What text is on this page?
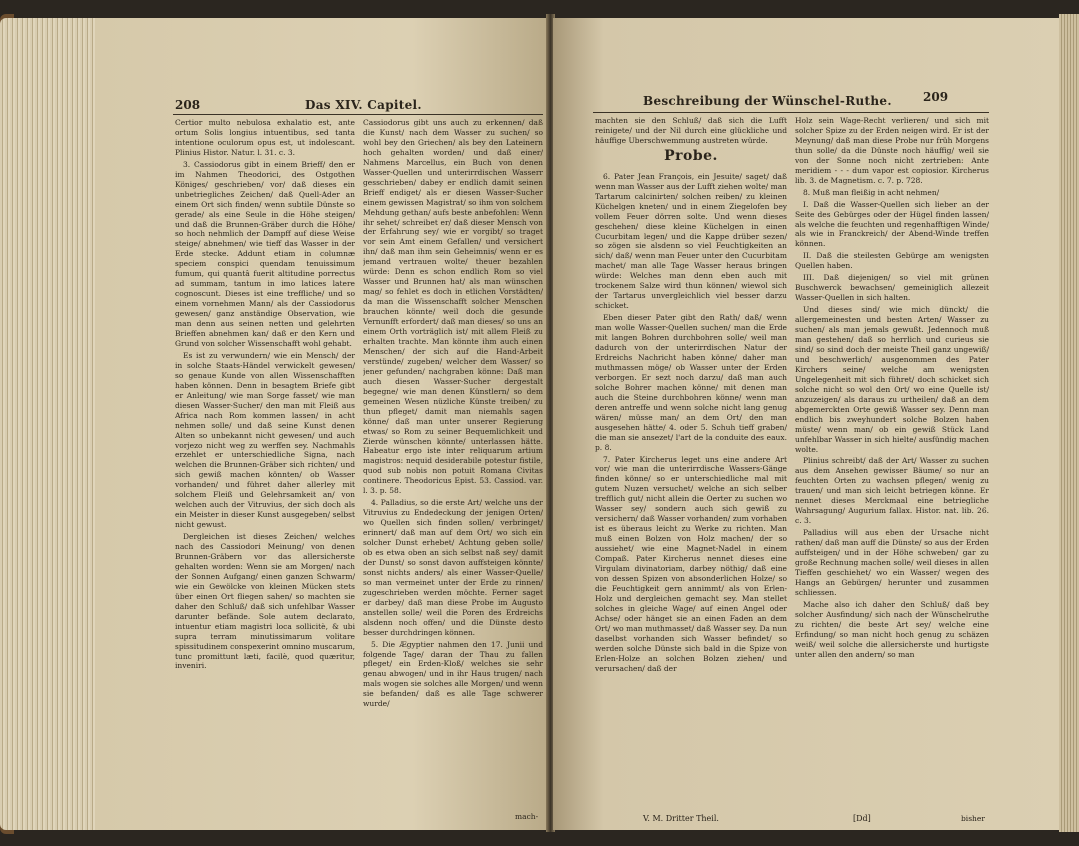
208	Das XIV. Capitel.

Certior multo nebulosa exhalatio est, ante ortum Solis longius intuentibus, sed tanta intentione oculorum opus est, ut indolescant. Plinius Histor. Natur. l. 31. c. 3.

3. Cassiodorus gibt in einem Brieff/ den er im Nahmen Theodorici, des Ostgothen Königes/ geschrieben/ vor/ daß dieses ein unbetriegliches Zeichen/ daß Quell-Ader an einem Ort sich finden/ wenn subtile Dünste so gerade/ als eine Seule in die Höhe steigen/ und daß die Brunnen-Gräber durch die Höhe/ so hoch nehmlich der Dampff auf diese Weise steige/ abnehmen/ wie tieff das Wasser in der Erde stecke. Addunt etiam in columnæ speciem conspici quendam tenuissimum fumum, qui quantâ fuerit altitudine porrectus ad summam, tantum in imo latices latere cognoscunt. Dieses ist eine treffliche/ und so einem vornehmen Mann/ als der Cassiodorus gewesen/ ganz anständige Observation, wie man denn aus seinen netten und gelehrten Brieffen abnehmen kan/ daß er den Kern und Grund von solcher Wissenschafft wohl gehabt.

Es ist zu verwundern/ wie ein Mensch/ der in solche Staats-Händel verwickelt gewesen/ so genaue Kunde von allen Wissenschafften haben können. Denn in besagtem Briefe gibt er Anleitung/ wie man Sorge fasset/ wie man diesen Wasser-Sucher/ den man mit Fleiß aus Africa nach Rom kommen lassen/ in acht nehmen solle/ und daß seine Kunst denen Alten so unbekannt nicht gewesen/ und auch vorjezo nicht weg zu werffen sey. Nachmahls erzehlet er unterschiedliche Signa, nach welchen die Brunnen-Gräber sich richten/ und sich gewiß machen könnten/ ob Wasser vorhanden/ und führet daher allerley mit solchem Fleiß und Gelehrsamkeit an/ von welchen auch der Vitruvius, der sich doch als ein Meister in dieser Kunst ausgegeben/ selbst nicht gewust.

Dergleichen ist dieses Zeichen/ welches nach des Cassiodori Meinung/ von denen Brunnen-Gräbern vor das allersicherste gehalten worden: Wenn sie am Morgen/ nach der Sonnen Aufgang/ einen ganzen Schwarm/ wie ein Gewölcke von kleinen Mücken stets über einen Ort fliegen sahen/ so machten sie daher den Schluß/ daß sich unfehlbar Wasser darunter befände. Sole autem declarato, intuentur etiam magistri loca sollicitè, & ubi supra terram minutissimarum volitare spissitudinem conspexerint omnino muscarum, tunc promittunt læti, facilè, quod quæritur, inveniri.

Cassiodorus gibt uns auch zu erkennen/ daß die Kunst/ nach dem Wasser zu suchen/ so wohl bey den Griechen/ als bey den Lateinern hoch gehalten worden/ und daß einer/ Nahmens Marcellus, ein Buch von denen Wasser-Quellen und unterirrdischen Wasserr gesschrieben/ dabey er endlich damit seinen Brieff endiget/ als er diesen Wasser-Sucher einem gewissen Magistrat/ so ihm von solchem Mehdung gethan/ aufs beste anbefohlen: Wenn ihr sehet/ schreibet er/ daß dieser Mensch von der Erfahrung sey/ wie er vorgibt/ so traget vor sein Amt einem Gefallen/ und versichert ihn/ daß man ihm sein Geheimnis/ wenn er es jemand vertrauen wolte/ theuer bezahlen würde: Denn es schon endlich Rom so viel Wasser und Brunnen hat/ als man wünschen mag/ so fehlet es doch in etlichen Vorstädten/ da man die Wissenschafft solcher Menschen brauchen könnte/ weil doch die gesunde Vernunfft erfordert/ daß man dieses/ so uns an einem Orth vorträglich ist/ mit allem Fleiß zu erhalten trachte. Man könnte ihm auch einen Menschen/ der sich auf die Hand-Arbeit verstünde/ zugeben/ welcher dem Wasser/ so jener gefunden/ nachgraben könne: Daß man auch diesen Wasser-Sucher dergestalt begegne/ wie man denen Künstlern/ so dem gemeinen Wesen nüzliche Künste treiben/ zu thun pfleget/ damit man niemahls sagen könne/ daß man unter unserer Regierung etwas/ so Rom zu seiner Bequemlichkeit und Zierde wünschen könnte/ unterlassen hätte. Habeatur ergo iste inter reliquarum artium magistros: nequid desiderabile potestur fistile, quod sub nobis non potuit Romana Civitas continere. Theodoricus Epist. 53. Cassiod. var. l. 3. p. 58.

4. Palladius, so die erste Art/ welche uns der Vitruvius zu Endedeckung der jenigen Orten/ wo Quellen sich finden sollen/ verbringet/ erinnert/ daß man auf dem Ort/ wo sich ein solcher Dunst erhebet/ Achtung geben solle/ ob es etwa oben an sich selbst naß sey/ damit der Dunst/ so sonst davon auffsteigen könnte/ sonst nichts anders/ als einer Wasser-Quelle/ so man vermeinet unter der Erde zu rinnen/ zugeschrieben werden möchte. Ferner saget er darbey/ daß man diese Probe im Augusto anstellen solle/ weil die Poren des Erdreichs alsdenn noch offen/ und die Dünste desto besser durchdringen können.

5. Die Ægyptier nahmen den 17. Junii und folgende Tage/ daran der Thau zu fallen pfleget/ ein Erden-Kloß/ welches sie sehr genau abwogen/ und in ihr Haus trugen/ nach mals wogen sie solches alle Morgen/ und wenn sie befanden/ daß es alle Tage schwerer wurde/

mach-
Beschreibung der Wünschel-Ruthe.	209

machten sie den Schluß/ daß sich die Lufft reinigete/ und der Nil durch eine glückliche und häuffige Uberschwemmung austreten würde.

Probe.

6. Pater Jean François, ein Jesuite/ saget/ daß wenn man Wasser aus der Lufft ziehen wolte/ man Tartarum calcinirten/ solchen reiben/ zu kleinen Küchelgen kneten/ und in einem Ziegelofen bey vollem Feuer dörren solte. Und wenn dieses geschehen/ diese kleine Küchelgen in einen Cucurbitam legen/ und die Kappe drüber sezen/ so zögen sie alsdenn so viel Feuchtigkeiten an sich/ daß/ wenn man Feuer unter den Cucurbitam machet/ man alle Tage Wasser heraus bringen würde: Welches man denn eben auch mit trockenem Salze wird thun können/ wiewol sich der Tartarus unvergleichlich viel besser darzu schicket.

Eben dieser Pater gibt den Rath/ daß/ wenn man wolle Wasser-Quellen suchen/ man die Erde mit langen Bohren durchbohren solle/ weil man dadurch von der unterirrdischen Natur der Erdreichs Nachricht haben könne/ daher man muthmassen möge/ ob Wasser unter der Erden verborgen. Er sezt noch darzu/ daß man auch solche Bohrer machen könne/ mit denen man auch die Steine durchbohren könne/ wenn man deren antreffe und wenn solche nicht lang genug wären/ müsse man/ an dem Ort/ den man ausgesehen hätte/ 4. oder 5. Schuh tieff graben/ die man sie ansezet/ l'art de la conduite des eaux. p. 8.

7. Pater Kircherus leget uns eine andere Art vor/ wie man die unterirrdische Wassers-Gänge finden könne/ so er unterschiedliche mal mit gutem Nuzen versuchet/ welche an sich selber trefflich gut/ nicht allein die Oerter zu suchen wo Wasser sey/ sondern auch sich gewiß zu versichern/ daß Wasser vorhanden/ zum vorhaben ist es überaus leicht zu Werke zu richten. Man muß einen Bolzen von Holz machen/ der so aussiehet/ wie eine Magnet-Nadel in einem Compaß. Pater Kircherus nennet dieses eine Virgulam divinatoriam, darbey nöthig/ daß eine von dessen Spizen von absonderlichen Holze/ so die Feuchtigkeit gern annimmt/ als von Erlen-Holz und dergleichen gemacht sey. Man stellet solches in gleiche Wage/ auf einen Angel oder Achse/ oder hänget sie an einen Faden an dem Ort/ wo man muthmasset/ daß Wasser sey. Da nun daselbst vorhanden sich Wasser befindet/ so werden solche Dünste sich bald in die Spize von Erlen-Holze an solchen Bolzen ziehen/ und verursachen/ daß der

Holz sein Wage-Recht verlieren/ und sich mit solcher Spize zu der Erden neigen wird. Er ist der Meynung/ daß man diese Probe nur früh Morgens thun solle/ da die Dünste noch häuffig/ weil sie von der Sonne noch nicht zertrieben: Ante meridiem - - - dum vapor est copiosior. Kircherus lib. 3. de Magnetism. c. 7. p. 728.

8. Muß man fleißig in acht nehmen/

I. Daß die Wasser-Quellen sich lieber an der Seite des Gebürges oder der Hügel finden lassen/ als welche die feuchten und regenhafftigen Winde/ als wie in Franckreich/ der Abend-Winde treffen können.

II. Daß die steilesten Gebürge am wenigsten Quellen haben.

III. Daß diejenigen/ so viel mit grünen Buschwerck bewachsen/ gemeiniglich allezeit Wasser-Quellen in sich halten.

Und dieses sind/ wie mich dünckt/ die allergemeinesten und besten Arten/ Wasser zu suchen/ als man jemals gewußt. Jedennoch muß man gestehen/ daß so herrlich und curieus sie sind/ so sind doch der meiste Theil ganz ungewiß/ und beschwerlich/ ausgenommen des Pater Kirchers seine/ welche am wenigsten Ungelegenheit mit sich führet/ doch schicket sich solche nicht so wol den Ort/ wo eine Quelle ist/ anzuzeigen/ als daraus zu urtheilen/ daß an dem abgemerckten Orte gewiß Wasser sey. Denn man endlich bis zweyhundert solche Bolzen haben müste/ wenn man/ ob ein gewiß Stück Land unfehlbar Wasser in sich hielte/ ausfündig machen wolte.

Plinius schreibt/ daß der Art/ Wasser zu suchen aus dem Ansehen gewisser Bäume/ so nur an feuchten Orten zu wachsen pflegen/ wenig zu trauen/ und man sich leicht betriegen könne. Er nennet dieses Merckmaal eine betriegliche Wahrsagung/ Augurium fallax. Histor. nat. lib. 26. c. 3.

Palladius will aus eben der Ursache nicht rathen/ daß man auff die Dünste/ so aus der Erden auffsteigen/ und in der Höhe schweben/ gar zu große Rechnung machen solle/ weil dieses in allen Tieffen geschiehet/ wo ein Wasser/ wegen des Hangs an Gebürgen/ herunter und zusammen schliessen.

Mache also ich daher den Schluß/ daß bey solcher Ausfindung/ sich nach der Wünschelruthe zu richten/ die beste Art sey/ welche eine Erfindung/ so man nicht hoch genug zu schäzen weiß/ weil solche die allersicherste und hurtigste unter allen den andern/ so man

V. M. Dritter Theil.	[Dd]	bisher
